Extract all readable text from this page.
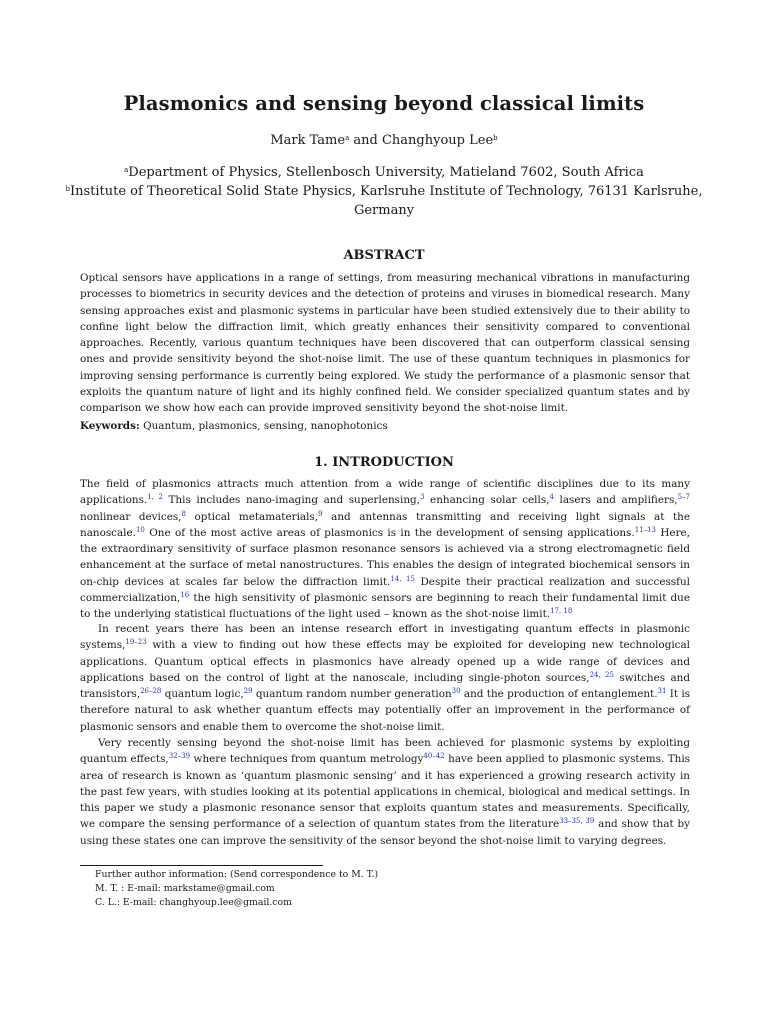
Plasmonics and sensing beyond classical limits
Mark Tame$^a$ and Changhyoup Lee$^b$
$^a$Department of Physics, Stellenbosch University, Matieland 7602, South Africa
$^b$Institute of Theoretical Solid State Physics, Karlsruhe Institute of Technology, 76131 Karlsruhe, Germany
ABSTRACT
Optical sensors have applications in a range of settings, from measuring mechanical vibrations in manufacturing processes to biometrics in security devices and the detection of proteins and viruses in biomedical research. Many sensing approaches exist and plasmonic systems in particular have been studied extensively due to their ability to confine light below the diffraction limit, which greatly enhances their sensitivity compared to conventional approaches. Recently, various quantum techniques have been discovered that can outperform classical sensing ones and provide sensitivity beyond the shot-noise limit. The use of these quantum techniques in plasmonics for improving sensing performance is currently being explored. We study the performance of a plasmonic sensor that exploits the quantum nature of light and its highly confined field. We consider specialized quantum states and by comparison we show how each can provide improved sensitivity beyond the shot-noise limit.
Keywords: Quantum, plasmonics, sensing, nanophotonics
1. INTRODUCTION
The field of plasmonics attracts much attention from a wide range of scientific disciplines due to its many applications.$^{1, 2}$ This includes nano-imaging and superlensing,$^3$ enhancing solar cells,$^4$ lasers and amplifiers,$^{5-7}$ nonlinear devices,$^8$ optical metamaterials,$^9$ and antennas transmitting and receiving light signals at the nanoscale.$^{10}$ One of the most active areas of plasmonics is in the development of sensing applications.$^{11-13}$ Here, the extraordinary sensitivity of surface plasmon resonance sensors is achieved via a strong electromagnetic field enhancement at the surface of metal nanostructures. This enables the design of integrated biochemical sensors in on-chip devices at scales far below the diffraction limit.$^{14, 15}$ Despite their practical realization and successful commercialization,$^{16}$ the high sensitivity of plasmonic sensors are beginning to reach their fundamental limit due to the underlying statistical fluctuations of the light used – known as the shot-noise limit.$^{17, 18}$
In recent years there has been an intense research effort in investigating quantum effects in plasmonic systems,$^{19-23}$ with a view to finding out how these effects may be exploited for developing new technological applications. Quantum optical effects in plasmonics have already opened up a wide range of devices and applications based on the control of light at the nanoscale, including single-photon sources,$^{24, 25}$ switches and transistors,$^{26-28}$ quantum logic,$^{29}$ quantum random number generation$^{30}$ and the production of entanglement.$^{31}$ It is therefore natural to ask whether quantum effects may potentially offer an improvement in the performance of plasmonic sensors and enable them to overcome the shot-noise limit.
Very recently sensing beyond the shot-noise limit has been achieved for plasmonic systems by exploiting quantum effects,$^{32-39}$ where techniques from quantum metrology$^{40-42}$ have been applied to plasmonic systems. This area of research is known as ‘quantum plasmonic sensing’ and it has experienced a growing research activity in the past few years, with studies looking at its potential applications in chemical, biological and medical settings. In this paper we study a plasmonic resonance sensor that exploits quantum states and measurements. Specifically, we compare the sensing performance of a selection of quantum states from the literature$^{33-35, 39}$ and show that by using these states one can improve the sensitivity of the sensor beyond the shot-noise limit to varying degrees.
Further author information: (Send correspondence to M. T.)
M. T. : E-mail: markstame@gmail.com
C. L.: E-mail: changhyoup.lee@gmail.com
